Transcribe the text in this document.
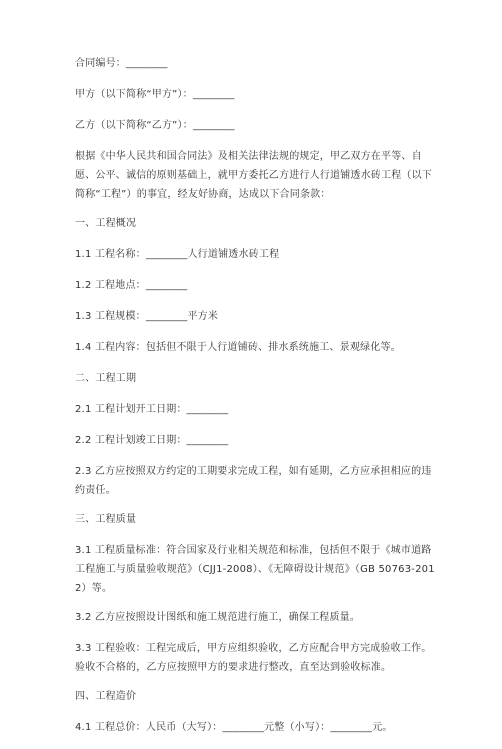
合同编号：________

甲方（以下简称“甲方”）：________

乙方（以下简称“乙方”）：________

根据《中华人民共和国合同法》及相关法律法规的规定，甲乙双方在平等、自愿、公平、诚信的原则基础上，就甲方委托乙方进行人行道铺透水砖工程（以下简称“工程”）的事宜，经友好协商，达成以下合同条款：

一、工程概况

1.1 工程名称：________人行道铺透水砖工程

1.2 工程地点：________

1.3 工程规模：________平方米

1.4 工程内容：包括但不限于人行道铺砖、排水系统施工、景观绿化等。

二、工程工期

2.1 工程计划开工日期：________

2.2 工程计划竣工日期：________

2.3 乙方应按照双方约定的工期要求完成工程，如有延期，乙方应承担相应的违约责任。

三、工程质量

3.1 工程质量标准：符合国家及行业相关规范和标准，包括但不限于《城市道路工程施工与质量验收规范》（CJJ1-2008）、《无障碍设计规范》（GB 50763-2012）等。

3.2 乙方应按照设计图纸和施工规范进行施工，确保工程质量。

3.3 工程验收：工程完成后，甲方应组织验收，乙方应配合甲方完成验收工作。验收不合格的，乙方应按照甲方的要求进行整改，直至达到验收标准。

四、工程造价

4.1 工程总价：人民币（大写）：________元整（小写）：________元。
